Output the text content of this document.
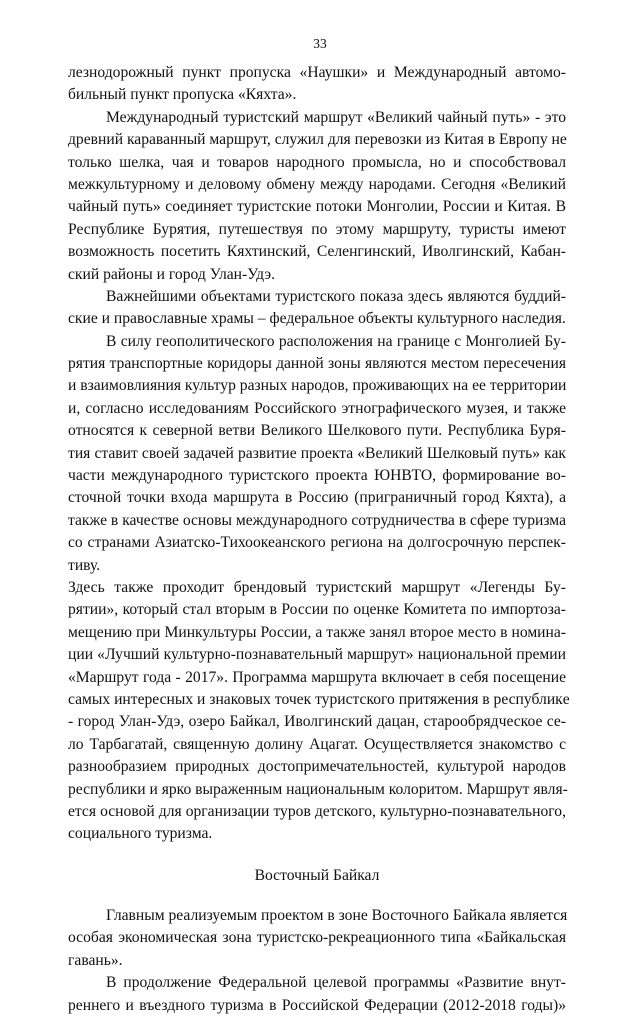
33
лезнодорожный пункт пропуска «Наушки» и Международный автомо-
бильный пункт пропуска «Кяхта».
Международный туристский маршрут «Великий чайный путь» - это
древний караванный маршрут, служил для перевозки из Китая в Европу не
только шелка, чая и товаров народного промысла, но и способствовал
межкультурному и деловому обмену между народами. Сегодня «Великий
чайный путь» соединяет туристские потоки Монголии, России и Китая. В
Республике Бурятия, путешествуя по этому маршруту, туристы имеют
возможность посетить Кяхтинский, Селенгинский, Иволгинский, Кабан-
ский районы и город Улан-Удэ.
Важнейшими объектами туристского показа здесь являются буддий-
ские и православные храмы – федеральное объекты культурного наследия.
В силу геополитического расположения на границе с Монголией Бу-
рятия транспортные коридоры данной зоны являются местом пересечения
и взаимовлияния культур разных народов, проживающих на ее территории
и, согласно исследованиям Российского этнографического музея, и также
относятся к северной ветви Великого Шелкового пути. Республика Буря-
тия ставит своей задачей развитие проекта «Великий Шелковый путь» как
части международного туристского проекта ЮНВТО, формирование во-
сточной точки входа маршрута в Россию (приграничный город Кяхта), а
также в качестве основы международного сотрудничества в сфере туризма
со странами Азиатско-Тихоокеанского региона на долгосрочную перспек-
тиву.
Здесь также проходит брендовый туристский маршрут «Легенды Бу-
рятии», который стал вторым в России по оценке Комитета по импортоза-
мещению при Минкультуры России, а также занял второе место в номина-
ции «Лучший культурно-познавательный маршрут» национальной премии
«Маршрут года - 2017». Программа маршрута включает в себя посещение
самых интересных и знаковых точек туристского притяжения в республикe
- город Улан-Удэ, озеро Байкал, Иволгинский дацан, старообрядческое се-
ло Тарбагатай, священную долину Ацагат. Осуществляется знакомство с
разнообразием природных достопримечательностей, культурой народов
республики и ярко выраженным национальным колоритом. Маршрут явля-
ется основой для организации туров детского, культурно-познавательного,
социального туризма.
Восточный Байкал
Главным реализуемым проектом в зоне Восточного Байкала является
особая экономическая зона туристско-рекреационного типа «Байкальская
гавань».
В продолжение Федеральной целевой программы «Развитие внут-
реннего и въездного туризма в Российской Федерации (2012-2018 годы)»
